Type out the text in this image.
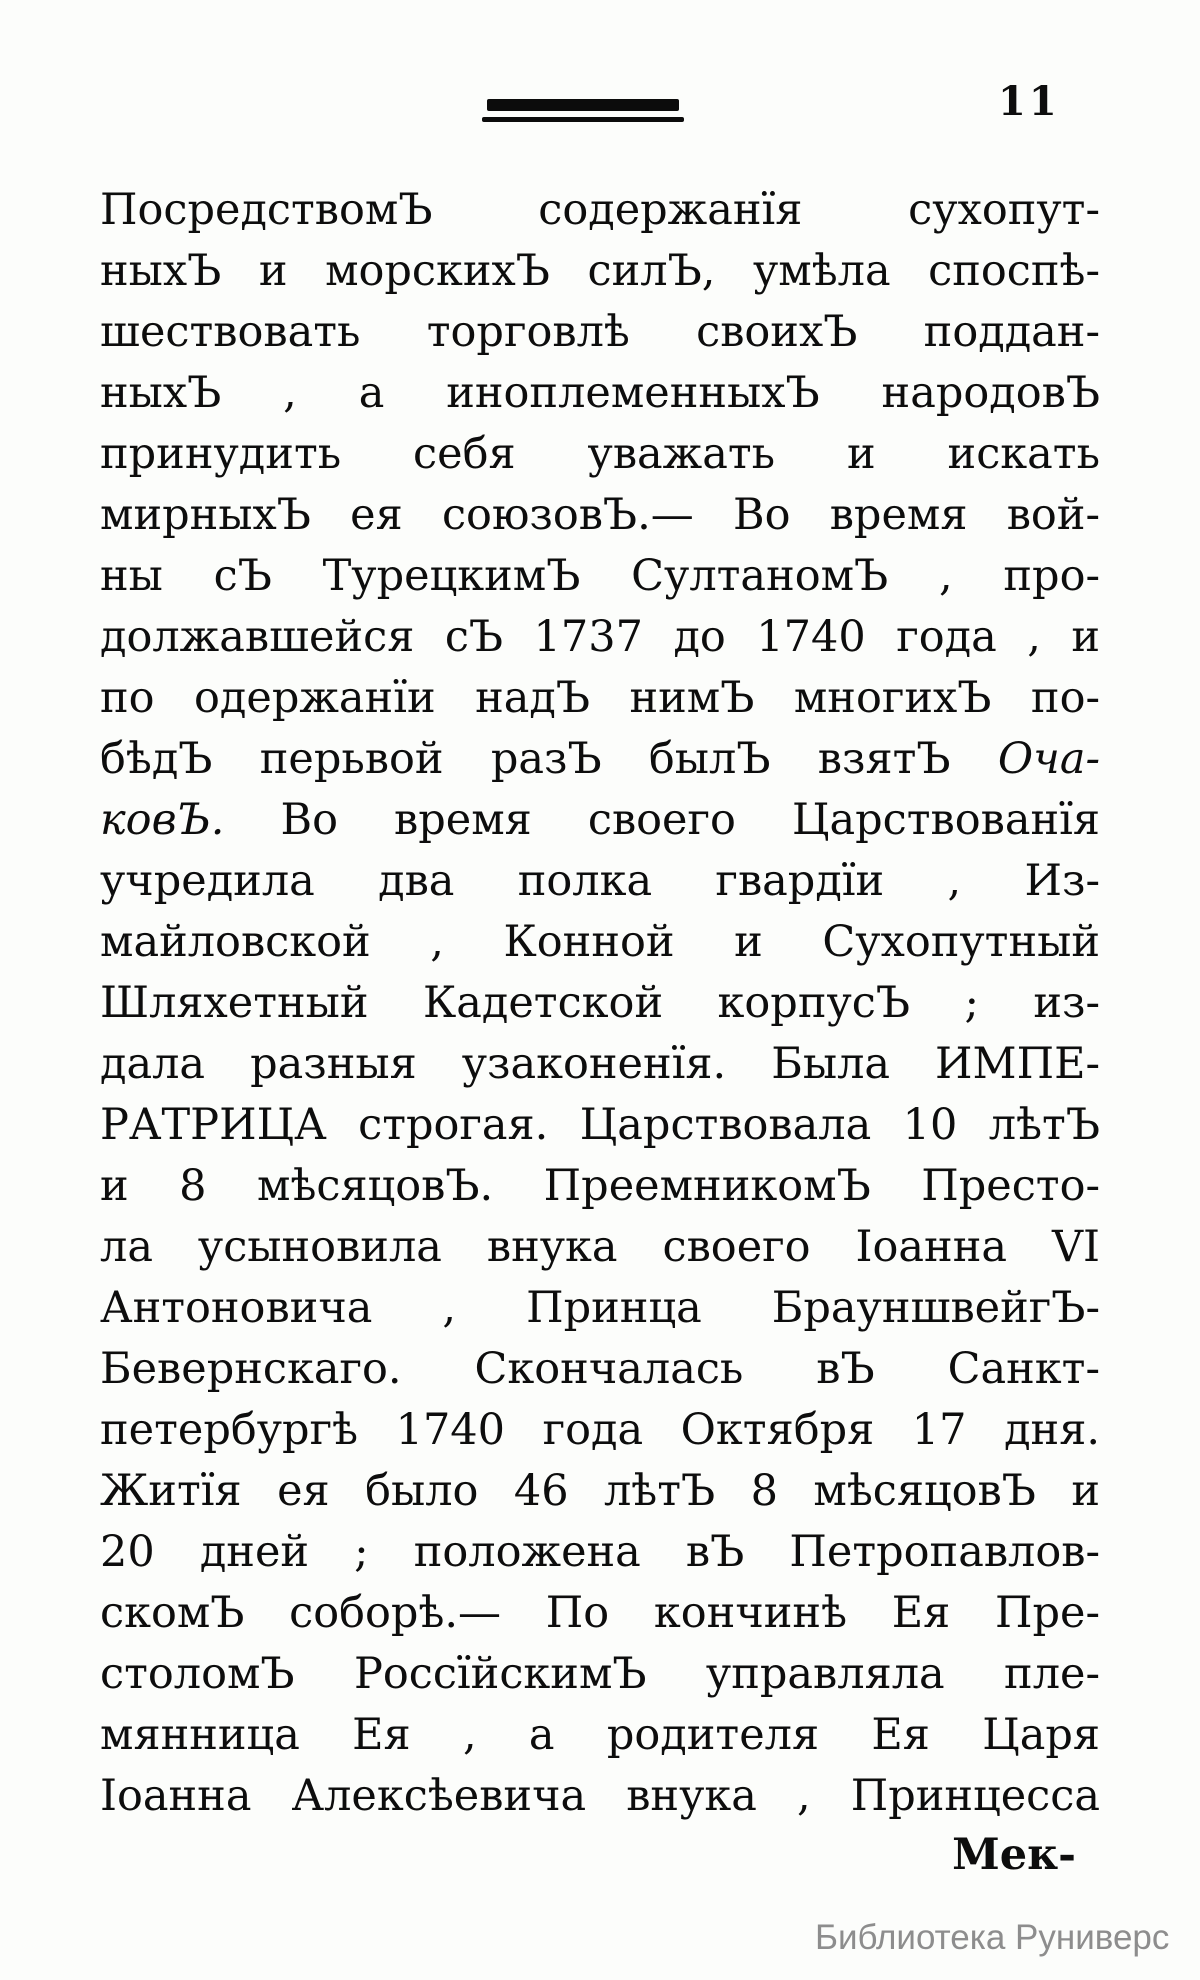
11
ПосредствомЪ содержанїя сухопут-
ныхЪ и морскихЪ силЪ, умѣла споспѣ-
шествовать торговлѣ своихЪ поддан-
ныхЪ , а иноплеменныхЪ народовЪ
принудить себя уважать и искать
мирныхЪ ея союзовЪ.— Во время вой-
ны сЪ ТурецкимЪ СултаномЪ , про-
должавшейся сЪ 1737 до 1740 года , и
по одержанїи надЪ нимЪ многихЪ по-
бѣдЪ перьвой разЪ былЪ взятЪ Оча-
ковЪ. Во время своего Царствованїя
учредила два полка гвардїи , Из-
майловской , Конной и Сухопутный
Шляхетный Кадетской корпусЪ ; из-
дала разныя узаконенїя. Была ИМПЕ-
РАТРИЦА строгая. Царствовала 10 лѣтЪ
и 8 мѣсяцовЪ. ПреемникомЪ Престо-
ла усыновила внука своего Іоанна VI
Антоновича , Принца БрауншвейгЪ-
Бевернскаго. Скончалась вЪ Санкт-
петербургѣ 1740 года Октября 17 дня.
Житїя ея было 46 лѣтЪ 8 мѣсяцовЪ и
20 дней ; положена вЪ Петропавлов-
скомЪ соборѣ.— По кончинѣ Ея Пре-
столомЪ РоссїйскимЪ управляла пле-
мянница Ея , а родителя Ея Царя
Іоанна Алексѣевича внука , Принцесса
Мек-
Библиотека Руниверс
